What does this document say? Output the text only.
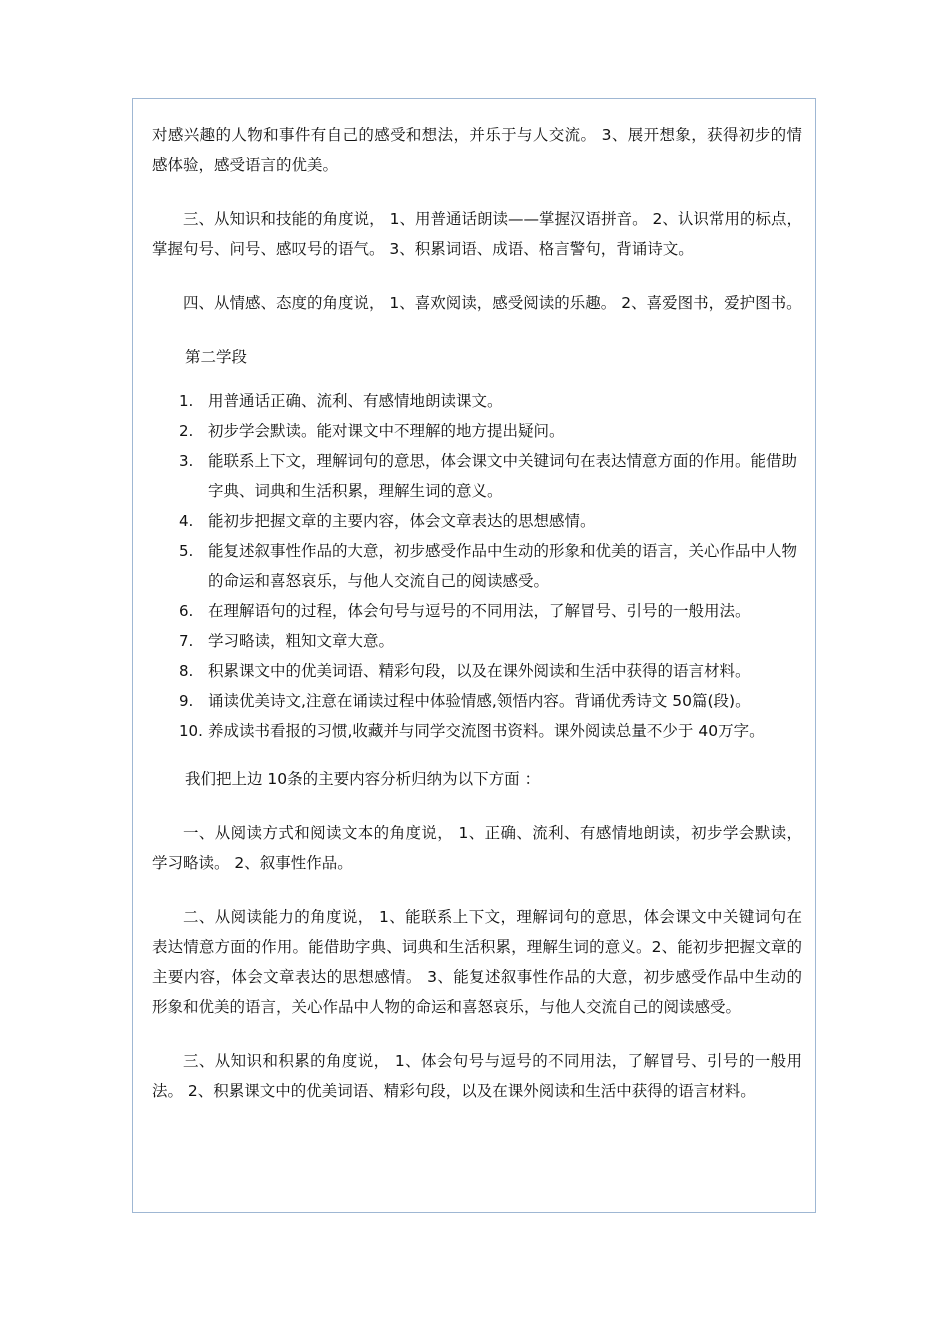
对感兴趣的人物和事件有自己的感受和想法，并乐于与人交流。 3、展开想象，获得初步的情感体验，感受语言的优美。

三、从知识和技能的角度说， 1、用普通话朗读——掌握汉语拼音。 2、认识常用的标点，掌握句号、问号、感叹号的语气。 3、积累词语、成语、格言警句，背诵诗文。

四、从情感、态度的角度说， 1、喜欢阅读，感受阅读的乐趣。 2、喜爱图书，爱护图书。

第二学段

1. 用普通话正确、流利、有感情地朗读课文。
2. 初步学会默读。能对课文中不理解的地方提出疑问。
3. 能联系上下文，理解词句的意思，体会课文中关键词句在表达情意方面的作用。能借助字典、词典和生活积累，理解生词的意义。
4. 能初步把握文章的主要内容，体会文章表达的思想感情。
5. 能复述叙事性作品的大意，初步感受作品中生动的形象和优美的语言，关心作品中人物的命运和喜怒哀乐，与他人交流自己的阅读感受。
6. 在理解语句的过程，体会句号与逗号的不同用法，了解冒号、引号的一般用法。
7. 学习略读，粗知文章大意。
8. 积累课文中的优美词语、精彩句段，以及在课外阅读和生活中获得的语言材料。
9. 诵读优美诗文,注意在诵读过程中体验情感,领悟内容。背诵优秀诗文 50篇(段)。
10. 养成读书看报的习惯,收藏并与同学交流图书资料。课外阅读总量不少于 40万字。

我们把上边 10条的主要内容分析归纳为以下方面 ：

一、从阅读方式和阅读文本的角度说， 1、正确、流利、有感情地朗读，初步学会默读，学习略读。 2、叙事性作品。

二、从阅读能力的角度说， 1、能联系上下文，理解词句的意思，体会课文中关键词句在表达情意方面的作用。能借助字典、词典和生活积累，理解生词的意义。2、能初步把握文章的主要内容，体会文章表达的思想感情。 3、能复述叙事性作品的大意，初步感受作品中生动的形象和优美的语言，关心作品中人物的命运和喜怒哀乐，与他人交流自己的阅读感受。

三、从知识和积累的角度说， 1、体会句号与逗号的不同用法，了解冒号、引号的一般用法。 2、积累课文中的优美词语、精彩句段，以及在课外阅读和生活中获得的语言材料。
